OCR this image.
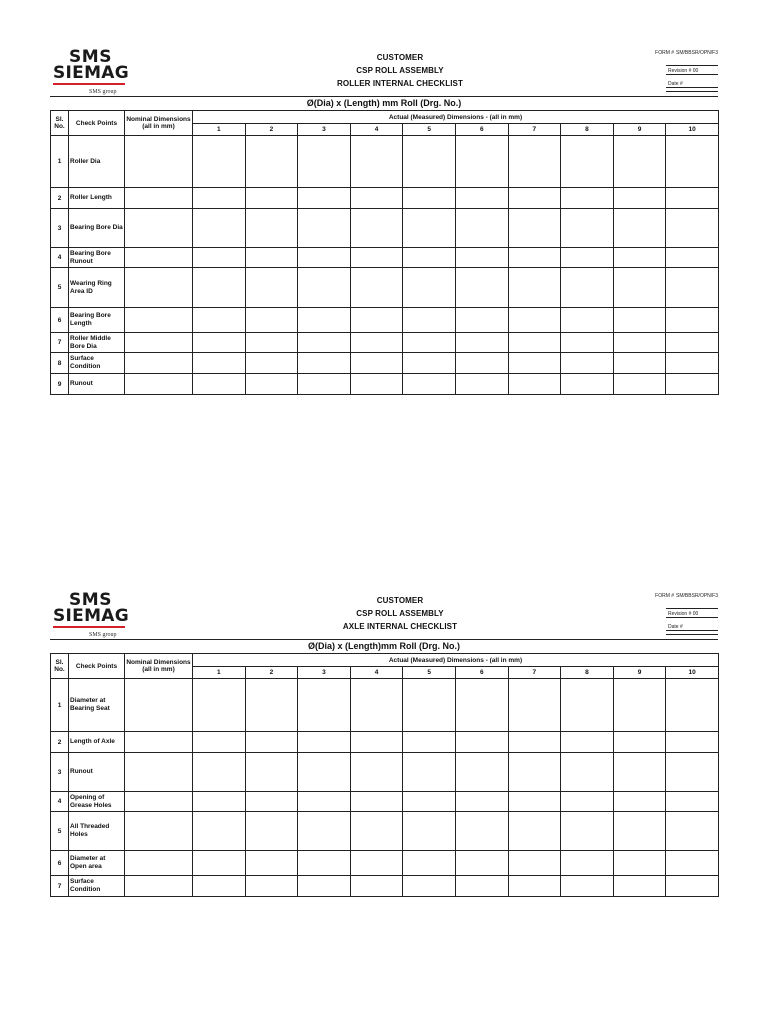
SMS
SIEMAG
SMS group
CUSTOMER
CSP ROLL ASSEMBLY
ROLLER INTERNAL CHECKLIST
FORM # SM/BBSR/OPN/F3
Revision # 00
Date #
Ø(Dia) x (Length) mm Roll (Drg. No.)
Sl. No.	Check Points	Nominal Dimensions (all in mm)	Actual (Measured) Dimensions - (all in mm)									
			1	2	3	4	5	6	7	8	9	10
1	Roller Dia											
2	Roller Length											
3	Bearing Bore Dia											
4	Bearing Bore Runout											
5	Wearing Ring Area ID											
6	Bearing Bore Length											
7	Roller Middle Bore Dia											
8	Surface Condition											
9	Runout											
SMS
SIEMAG
SMS group
CUSTOMER
CSP ROLL ASSEMBLY
AXLE INTERNAL CHECKLIST
FORM # SM/BBSR/OPN/F3
Revision # 00
Date #
Ø(Dia) x (Length)mm Roll (Drg. No.)
Sl. No.	Check Points	Nominal Dimensions (all in mm)	Actual (Measured) Dimensions - (all in mm)									
			1	2	3	4	5	6	7	8	9	10
1	Diameter at Bearing Seat											
2	Length of Axle											
3	Runout											
4	Opening of Grease Holes											
5	All Threaded Holes											
6	Diameter at Open area											
7	Surface Condition											
